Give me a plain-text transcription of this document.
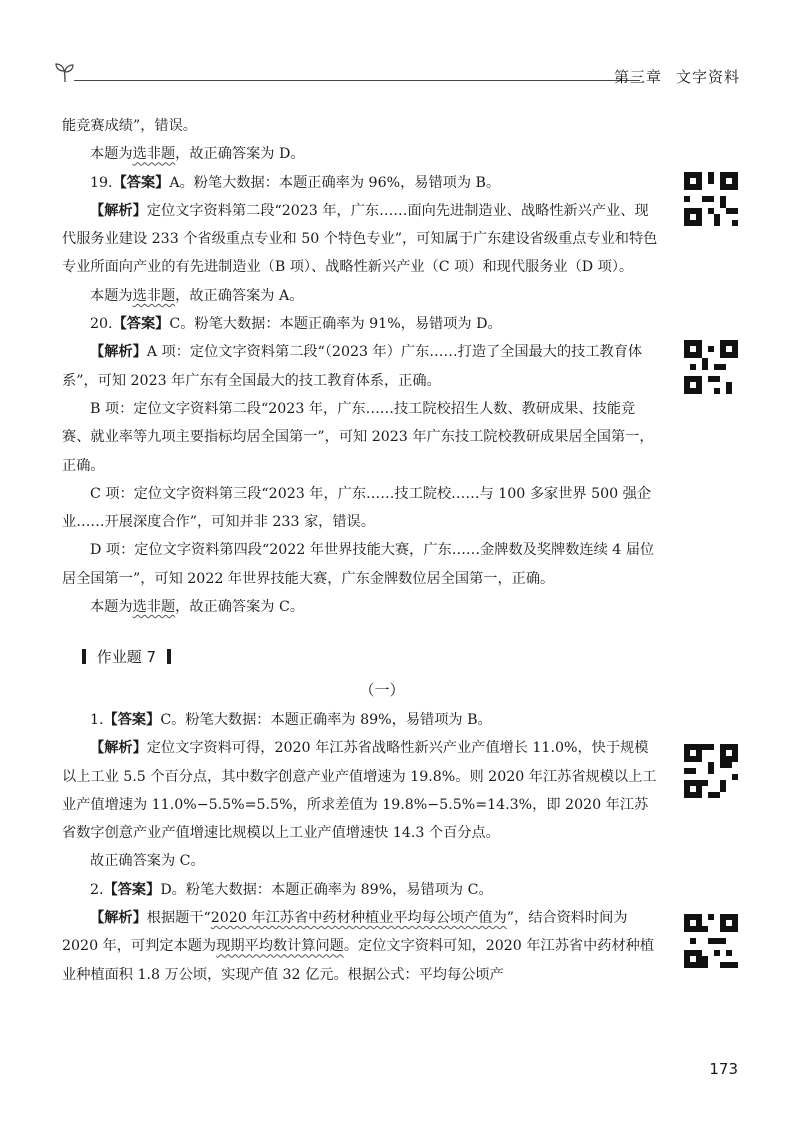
第三章 文字资料

能竞赛成绩”，错误。

本题为选非题，故正确答案为 D。

19.【答案】A。粉笔大数据：本题正确率为 96%，易错项为 B。

【解析】定位文字资料第二段“2023 年，广东……面向先进制造业、战略性新兴产业、现代服务业建设 233 个省级重点专业和 50 个特色专业”，可知属于广东建设省级重点专业和特色专业所面向产业的有先进制造业（B 项）、战略性新兴产业（C 项）和现代服务业（D 项）。

本题为选非题，故正确答案为 A。

20.【答案】C。粉笔大数据：本题正确率为 91%，易错项为 D。

【解析】A 项：定位文字资料第二段“（2023 年）广东……打造了全国最大的技工教育体系”，可知 2023 年广东有全国最大的技工教育体系，正确。

B 项：定位文字资料第二段“2023 年，广东……技工院校招生人数、教研成果、技能竞赛、就业率等九项主要指标均居全国第一”，可知 2023 年广东技工院校教研成果居全国第一，正确。

C 项：定位文字资料第三段“2023 年，广东……技工院校……与 100 多家世界 500 强企业……开展深度合作”，可知并非 233 家，错误。

D 项：定位文字资料第四段“2022 年世界技能大赛，广东……金牌数及奖牌数连续 4 届位居全国第一”，可知 2022 年世界技能大赛，广东金牌数位居全国第一，正确。

本题为选非题，故正确答案为 C。

作业题 7
（一）

1.【答案】C。粉笔大数据：本题正确率为 89%，易错项为 B。

【解析】定位文字资料可得，2020 年江苏省战略性新兴产业产值增长 11.0%，快于规模以上工业 5.5 个百分点，其中数字创意产业产值增速为 19.8%。则 2020 年江苏省规模以上工业产值增速为 11.0%−5.5%=5.5%，所求差值为 19.8%−5.5%=14.3%，即 2020 年江苏省数字创意产业产值增速比规模以上工业产值增速快 14.3 个百分点。

故正确答案为 C。

2.【答案】D。粉笔大数据：本题正确率为 89%，易错项为 C。

【解析】根据题干“2020 年江苏省中药材种植业平均每公顷产值为”，结合资料时间为 2020 年，可判定本题为现期平均数计算问题。定位文字资料可知，2020 年江苏省中药材种植业种植面积 1.8 万公顷，实现产值 32 亿元。根据公式：平均每公顷产

173
